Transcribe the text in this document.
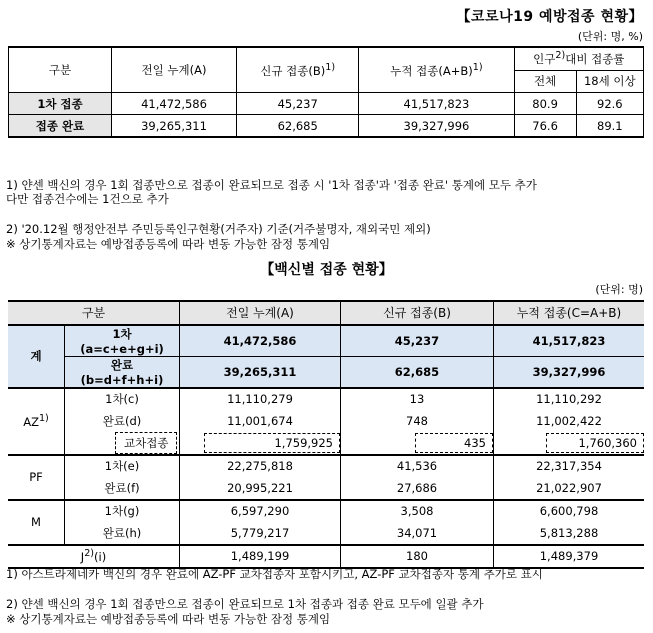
【코로나19 예방접종 현황】
(단위: 명, %)
구분	전일 누계(A)	신규 접종$(B)^{1)}$	누적 접종$(A+B)^{1)}$	인구$^{2)}$대비 접종률	
				전체	18세 이상
1차 접종	41,472,586	45,237	41,517,823	80.9	92.6
접종 완료	39,265,311	62,685	39,327,996	76.6	89.1
1) 얀센 백신의 경우 1회 접종만으로 접종이 완료되므로 접종 시 '1차 접종'과 '접종 완료' 통계에 모두 추가
다만 접종건수에는 1건으로 추가
2) '20.12월 행정안전부 주민등록인구현황(거주자) 기준(거주불명자, 재외국민 제외)
※ 상기통계자료는 예방접종등록에 따라 변동 가능한 잠정 통계임
【백신별 접종 현황】
(단위: 명)
구분		전일 누계(A)	신규 접종(B)	누적 접종(C=A+B)
계	1차(a=c+e+g+i)	41,472,586	45,237	41,517,823
	완료(b=d+f+h+i)	39,265,311	62,685	39,327,996
AZ$^{1)}$	1차(c)	11,110,279	13	11,110,292
	완료(d)	11,001,674	748	11,002,422
	교차접종	1,759,925	435	1,760,360

PF	1차(e)	22,275,818	41,536	22,317,354
	완료(f)	20,995,221	27,686	21,022,907
M	1차(g)	6,597,290	3,508	6,600,798
	완료(h)	5,779,217	34,071	5,813,288
$J^{2)}(i)$		1,489,199	180	1,489,379
1) 아스트라제네카 백신의 경우 완료에 AZ-PF 교차접종자 포함시키고, AZ-PF 교차접종자 통계 추가로 표시
2) 얀센 백신의 경우 1회 접종만으로 접종이 완료되므로 1차 접종과 접종 완료 모두에 일괄 추가
※ 상기통계자료는 예방접종등록에 따라 변동 가능한 잠정 통계임
